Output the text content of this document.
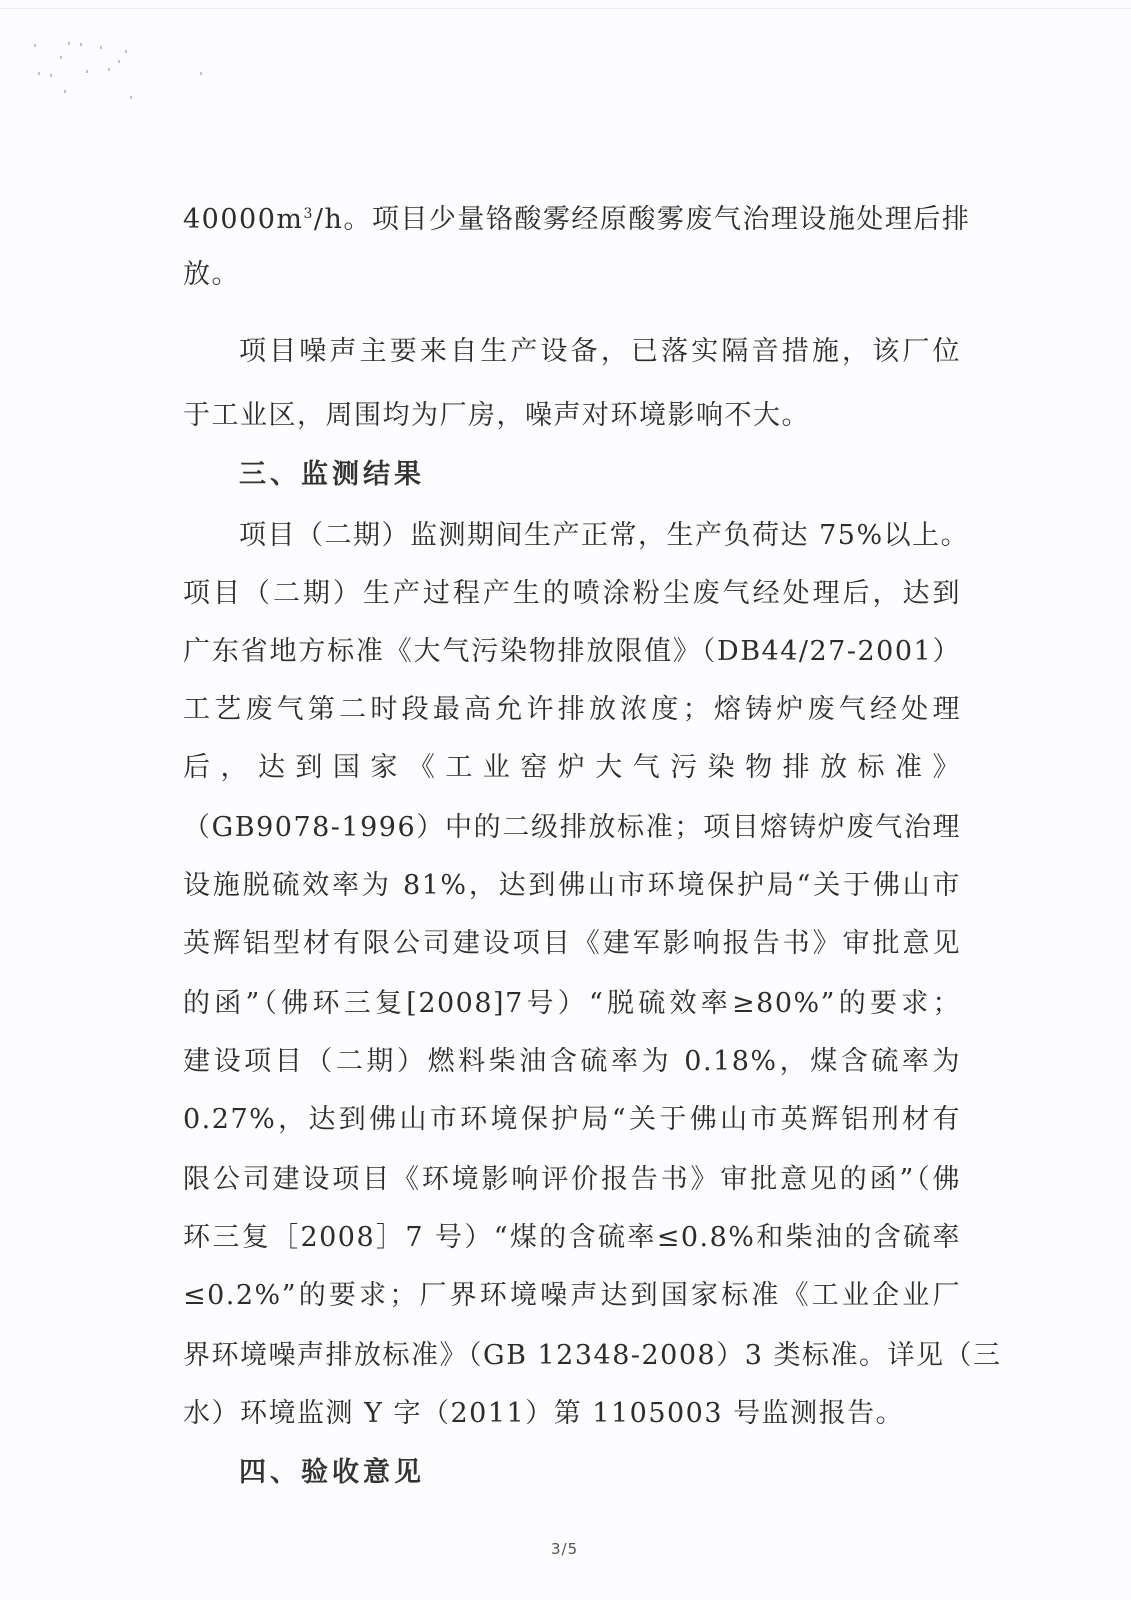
$40000m^3/h$。项目少量铬酸雾经原酸雾废气治理设施处理后排
放。
项目噪声主要来自生产设备，已落实隔音措施，该厂位
于工业区，周围均为厂房，噪声对环境影响不大。
三、监测结果
项目（二期）监测期间生产正常，生产负荷达 75%以上。
项目（二期）生产过程产生的喷涂粉尘废气经处理后，达到
广东省地方标准《大气污染物排放限值》（DB44/27-2001）
工艺废气第二时段最高允许排放浓度；熔铸炉废气经处理
后，达到国家《工业窑炉大气污染物排放标准》
（GB9078-1996）中的二级排放标准；项目熔铸炉废气治理
设施脱硫效率为 81%，达到佛山市环境保护局“关于佛山市
英辉铝型材有限公司建设项目《建军影响报告书》审批意见
的函”（佛环三复[2008]7号）“脱硫效率≥80%”的要求；
建设项目（二期）燃料柴油含硫率为 0.18%，煤含硫率为
0.27%，达到佛山市环境保护局“关于佛山市英辉铝刑材有
限公司建设项目《环境影响评价报告书》审批意见的函”（佛
环三复［2008］7 号）“煤的含硫率≤0.8%和柴油的含硫率
≤0.2%”的要求；厂界环境噪声达到国家标准《工业企业厂
界环境噪声排放标准》（GB 12348-2008）3 类标准。详见（三
水）环境监测 Y 字（2011）第 1105003 号监测报告。
四、验收意见
3/5
